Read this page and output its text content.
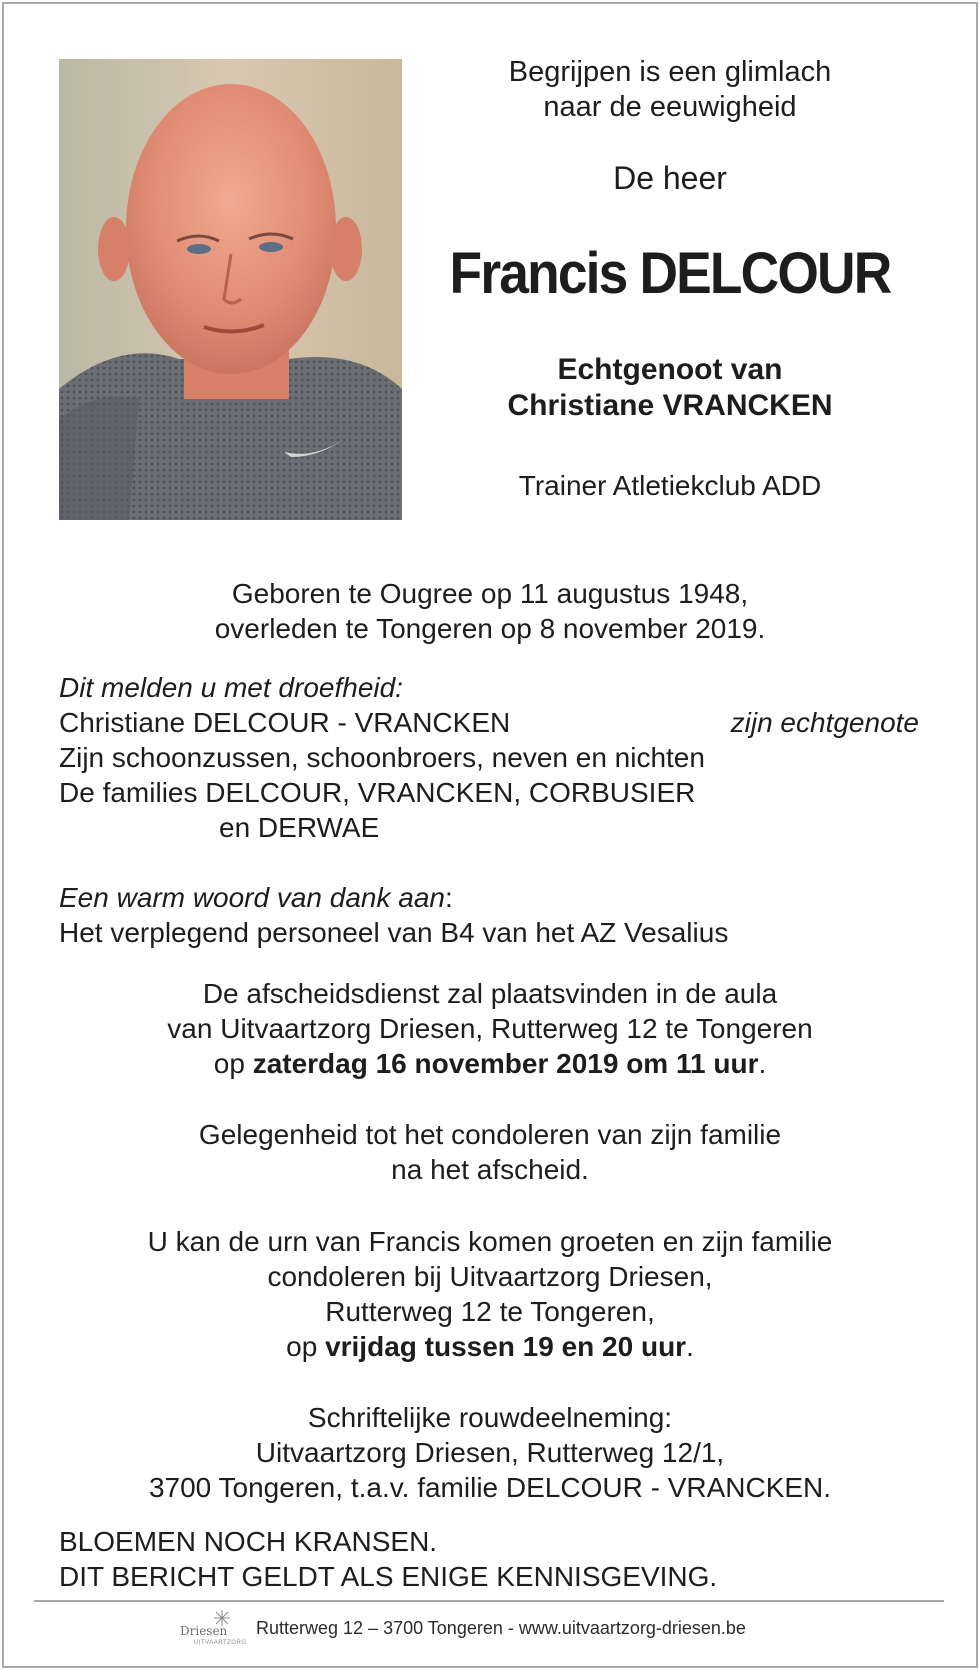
Begrijpen is een glimlach
naar de eeuwigheid
De heer
Francis DELCOUR
Echtgenoot van
Christiane VRANCKEN
Trainer Atletiekclub ADD
Geboren te Ougree op 11 augustus 1948,
overleden te Tongeren op 8 november 2019.
Dit melden u met droefheid:
Christiane DELCOUR - VRANCKEN	zijn echtgenote
Zijn schoonzussen, schoonbroers, neven en nichten
De families DELCOUR, VRANCKEN, CORBUSIER
en DERWAE
Een warm woord van dank aan:
Het verplegend personeel van B4 van het AZ Vesalius
De afscheidsdienst zal plaatsvinden in de aula
van Uitvaartzorg Driesen, Rutterweg 12 te Tongeren
op zaterdag 16 november 2019 om 11 uur.
Gelegenheid tot het condoleren van zijn familie
na het afscheid.
U kan de urn van Francis komen groeten en zijn familie
condoleren bij Uitvaartzorg Driesen,
Rutterweg 12 te Tongeren,
op vrijdag tussen 19 en 20 uur.
Schriftelijke rouwdeelneming:
Uitvaartzorg Driesen, Rutterweg 12/1,
3700 Tongeren, t.a.v. familie DELCOUR - VRANCKEN.
BLOEMEN NOCH KRANSEN.
DIT BERICHT GELDT ALS ENIGE KENNISGEVING.
Driesen
UITVAARTZORG
Rutterweg 12 – 3700 Tongeren - www.uitvaartzorg-driesen.be
